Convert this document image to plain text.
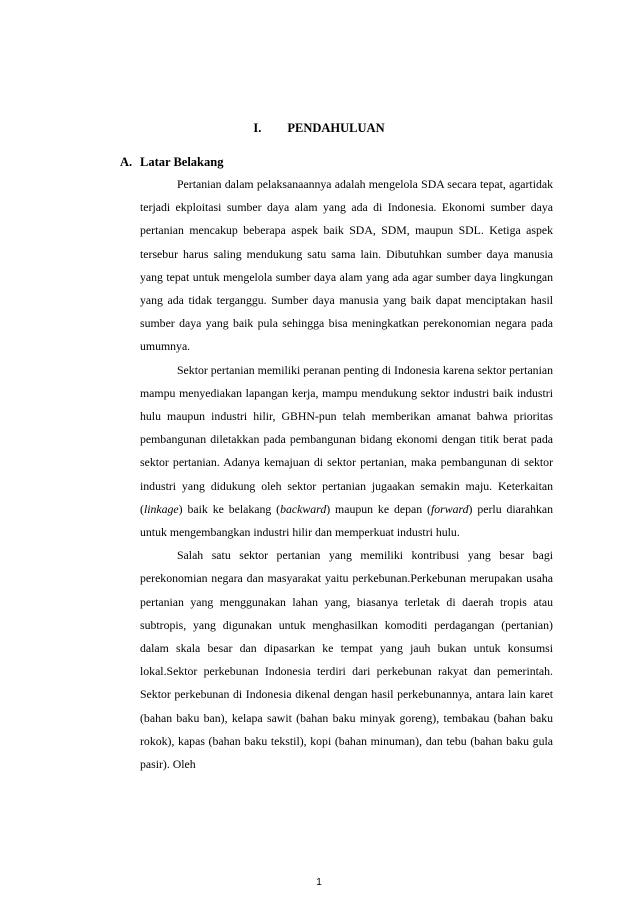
I. PENDAHULUAN
A. Latar Belakang

Pertanian dalam pelaksanaannya adalah mengelola SDA secara tepat, agartidak terjadi ekploitasi sumber daya alam yang ada di Indonesia. Ekonomi sumber daya pertanian mencakup beberapa aspek baik SDA, SDM, maupun SDL. Ketiga aspek tersebur harus saling mendukung satu sama lain. Dibutuhkan sumber daya manusia yang tepat untuk mengelola sumber daya alam yang ada agar sumber daya lingkungan yang ada tidak terganggu. Sumber daya manusia yang baik dapat menciptakan hasil sumber daya yang baik pula sehingga bisa meningkatkan perekonomian negara pada umumnya.

Sektor pertanian memiliki peranan penting di Indonesia karena sektor pertanian mampu menyediakan lapangan kerja, mampu mendukung sektor industri baik industri hulu maupun industri hilir, GBHN-pun telah memberikan amanat bahwa prioritas pembangunan diletakkan pada pembangunan bidang ekonomi dengan titik berat pada sektor pertanian. Adanya kemajuan di sektor pertanian, maka pembangunan di sektor industri yang didukung oleh sektor pertanian jugaakan semakin maju. Keterkaitan (linkage) baik ke belakang (backward) maupun ke depan (forward) perlu diarahkan untuk mengembangkan industri hilir dan memperkuat industri hulu.

Salah satu sektor pertanian yang memiliki kontribusi yang besar bagi perekonomian negara dan masyarakat yaitu perkebunan.Perkebunan merupakan usaha pertanian yang menggunakan lahan yang, biasanya terletak di daerah tropis atau subtropis, yang digunakan untuk menghasilkan komoditi perdagangan (pertanian) dalam skala besar dan dipasarkan ke tempat yang jauh bukan untuk konsumsi lokal.Sektor perkebunan Indonesia terdiri dari perkebunan rakyat dan pemerintah. Sektor perkebunan di Indonesia dikenal dengan hasil perkebunannya, antara lain karet (bahan baku ban), kelapa sawit (bahan baku minyak goreng), tembakau (bahan baku rokok), kapas (bahan baku tekstil), kopi (bahan minuman), dan tebu (bahan baku gula pasir). Oleh

1
